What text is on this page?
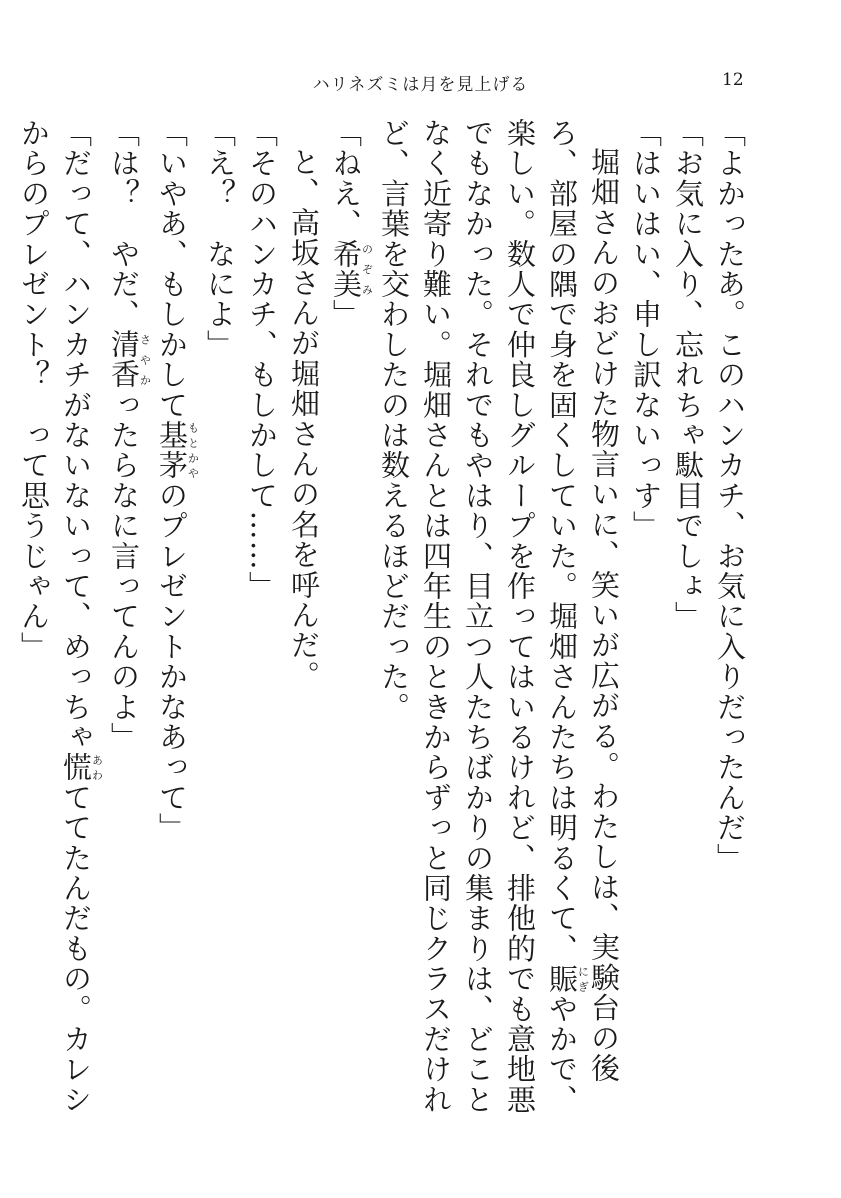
ハリネズミは月を見上げる	12

「よかったあ。このハンカチ、お気に入りだったんだ」

「お気に入り、忘れちゃ駄目でしょ」

「はいはい、申し訳ないっす」

堀畑さんのおどけた物言いに、笑いが広がる。わたしは、実験台の後ろ、部屋の隅で身を固くしていた。堀畑さんたちは明るくて、賑にぎやかで、楽しい。数人で仲良しグループを作ってはいるけれど、排他的でも意地悪でもなかった。それでもやはり、目立つ人たちばかりの集まりは、どことなく近寄り難い。堀畑さんとは四年生のときからずっと同じクラスだけれど、言葉を交わしたのは数えるほどだった。

「ねえ、希美のぞみ」

と、高坂さんが堀畑さんの名を呼んだ。

「そのハンカチ、もしかして……」

「え？　なによ」

「いやあ、もしかして基茅もとかやのプレゼントかなあって」

「は？　やだ、清香さやかったらなに言ってんのよ」

「だって、ハンカチがないないって、めっちゃ慌あわててたんだもの。カレシからのプレゼント？　って思うじゃん」
